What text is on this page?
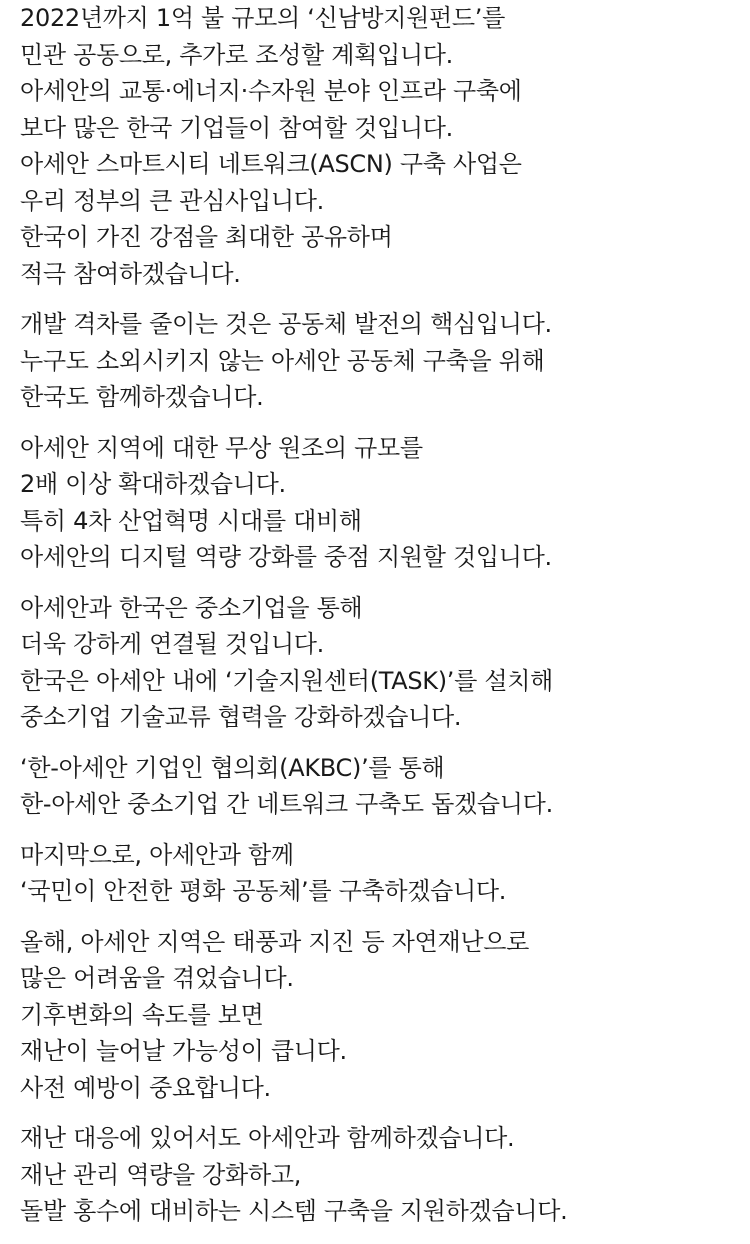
2022년까지 1억 불 규모의 ‘신남방지원펀드’를
민관 공동으로, 추가로 조성할 계획입니다.
아세안의 교통·에너지·수자원 분야 인프라 구축에
보다 많은 한국 기업들이 참여할 것입니다.
아세안 스마트시티 네트워크(ASCN) 구축 사업은
우리 정부의 큰 관심사입니다.
한국이 가진 강점을 최대한 공유하며
적극 참여하겠습니다.
개발 격차를 줄이는 것은 공동체 발전의 핵심입니다.
누구도 소외시키지 않는 아세안 공동체 구축을 위해
한국도 함께하겠습니다.
아세안 지역에 대한 무상 원조의 규모를
2배 이상 확대하겠습니다.
특히 4차 산업혁명 시대를 대비해
아세안의 디지털 역량 강화를 중점 지원할 것입니다.
아세안과 한국은 중소기업을 통해
더욱 강하게 연결될 것입니다.
한국은 아세안 내에 ‘기술지원센터(TASK)’를 설치해
중소기업 기술교류 협력을 강화하겠습니다.
‘한-아세안 기업인 협의회(AKBC)’를 통해
한-아세안 중소기업 간 네트워크 구축도 돕겠습니다.
마지막으로, 아세안과 함께
‘국민이 안전한 평화 공동체’를 구축하겠습니다.
올해, 아세안 지역은 태풍과 지진 등 자연재난으로
많은 어려움을 겪었습니다.
기후변화의 속도를 보면
재난이 늘어날 가능성이 큽니다.
사전 예방이 중요합니다.
재난 대응에 있어서도 아세안과 함께하겠습니다.
재난 관리 역량을 강화하고,
돌발 홍수에 대비하는 시스템 구축을 지원하겠습니다.
